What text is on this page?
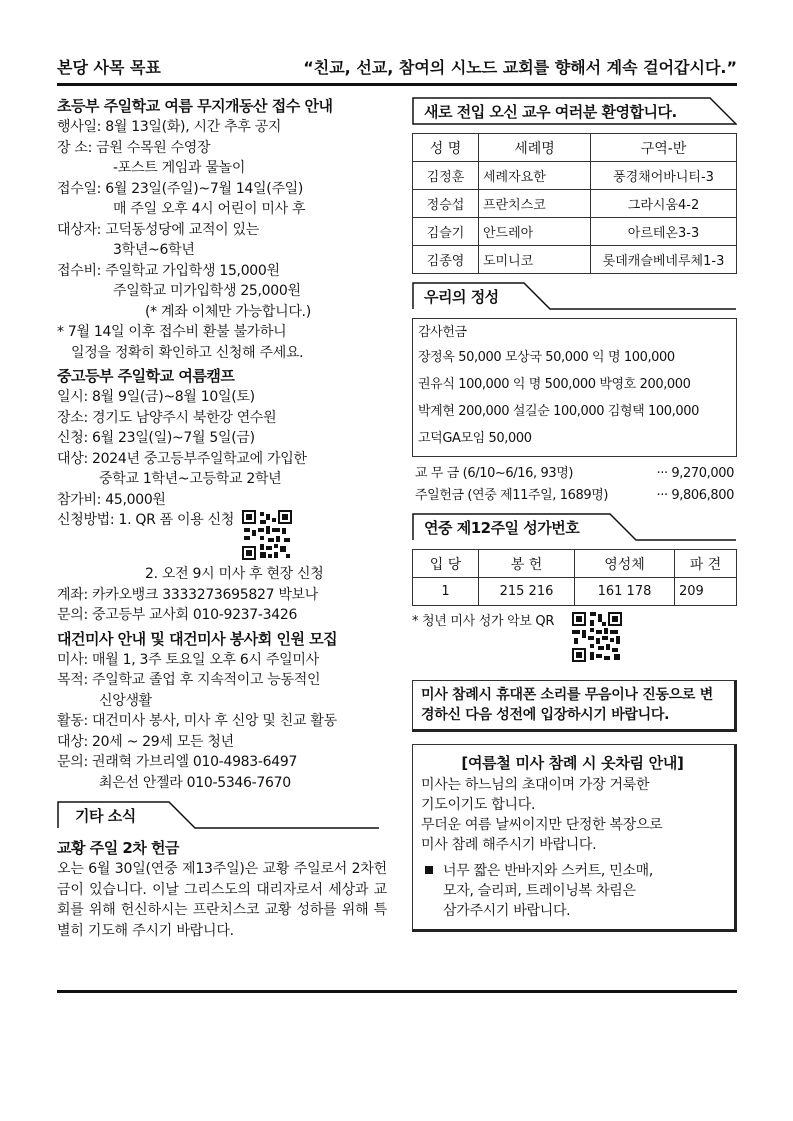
본당 사목 목표	“친교, 선교, 참여의 시노드 교회를 향해서 계속 걸어갑시다.”
초등부 주일학교 여름 무지개동산 접수 안내
행사일: 8월 13일(화), 시간 추후 공지
장 소: 금원 수목원 수영장
-포스트 게임과 물놀이
접수일: 6월 23일(주일)~7월 14일(주일)
매 주일 오후 4시 어린이 미사 후
대상자: 고덕동성당에 교적이 있는
3학년~6학년
접수비: 주일학교 가입학생 15,000원
주일학교 미가입학생 25,000원
(* 계좌 이체만 가능합니다.)
* 7월 14일 이후 접수비 환불 불가하니
일정을 정확히 확인하고 신청해 주세요.
중고등부 주일학교 여름캠프
일시: 8월 9일(금)~8월 10일(토)
장소: 경기도 남양주시 북한강 연수원
신청: 6월 23일(일)~7월 5일(금)
대상: 2024년 중고등부주일학교에 가입한
중학교 1학년~고등학교 2학년
참가비: 45,000원
신청방법: 1. QR 폼 이용 신청
2. 오전 9시 미사 후 현장 신청
계좌: 카카오뱅크 3333273695827 박보나
문의: 중고등부 교사회 010-9237-3426
대건미사 안내 및 대건미사 봉사회 인원 모집
미사: 매월 1, 3주 토요일 오후 6시 주일미사
목적: 주일학교 졸업 후 지속적이고 능동적인
신앙생활
활동: 대건미사 봉사, 미사 후 신앙 및 친교 활동
대상: 20세 ~ 29세 모든 청년
문의: 권래혁 가브리엘 010-4983-6497
최은선 안젤라 010-5346-7670
기타 소식
교황 주일 2차 헌금
오는 6월 30일(연중 제13주일)은 교황 주일로서 2차헌금이 있습니다. 이날 그리스도의 대리자로서 세상과 교회를 위해 헌신하시는 프란치스코 교황 성하를 위해 특별히 기도해 주시기 바랍니다.
새로 전입 오신 교우 여러분 환영합니다.
성 명	세례명	구역-반
김정훈	세례자요한	풍경채어바니티-3
정승섭	프란치스코	그라시움4-2
김슬기	안드레아	아르테온3-3
김종영	도미니코	롯데캐슬베네루체1-3
우리의 정성
감사헌금
장정옥 50,000 모상국 50,000 익 명 100,000
권유식 100,000 익 명 500,000 박영호 200,000
박계현 200,000 설길순 100,000 김형택 100,000
고덕GA모임 50,000
교 무 금 (6/10~6/16, 93명)	··· 9,270,000
주일헌금 (연중 제11주일, 1689명)	··· 9,806,800
연중 제12주일 성가번호
입 당	봉 헌	영성체	파 견
1	215 216	161 178	209
* 청년 미사 성가 악보 QR
미사 참례시 휴대폰 소리를 무음이나 진동으로 변경하신 다음 성전에 입장하시기 바랍니다.
[여름철 미사 참례 시 옷차림 안내]
미사는 하느님의 초대이며 가장 거룩한
기도이기도 합니다.
무더운 여름 날씨이지만 단정한 복장으로
미사 참례 해주시기 바랍니다.
너무 짧은 반바지와 스커트, 민소매,
모자, 슬리퍼, 트레이닝복 차림은
삼가주시기 바랍니다.
